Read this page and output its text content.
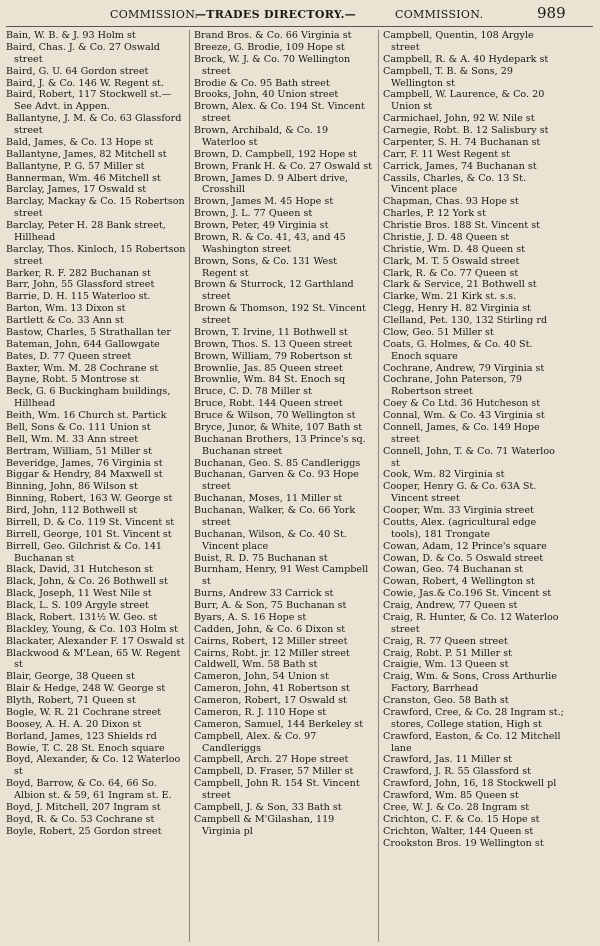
COMMISSION.
—TRADES DIRECTORY.—	COMMISSION.	989

Bain, W. B. & J. 93 Holm st

Baird, Chas. J. & Co. 27 Oswald street

Baird, G. U. 64 Gordon street

Baird, J. & Co. 146 W. Regent st.

Baird, Robert, 117 Stockwell st.— See Advt. in Appen.

Ballantyne, J. M. & Co. 63 Glassford street

Bald, James, & Co. 13 Hope st

Ballantyne, James, 82 Mitchell st

Ballantyne, P. G. 57 Miller st

Bannerman, Wm. 46 Mitchell st

Barclay, James, 17 Oswald st

Barclay, Mackay & Co. 15 Robertson street

Barclay, Peter H. 28 Bank street, Hillhead

Barclay, Thos. Kinloch, 15 Robertson street

Barker, R. F. 282 Buchanan st

Barr, John, 55 Glassford street

Barrie, D. H. 115 Waterloo st.

Barton, Wm. 13 Dixon st

Bartlett & Co. 33 Ann st

Bastow, Charles, 5 Strathallan ter

Bateman, John, 644 Gallowgate

Bates, D. 77 Queen street

Baxter, Wm. M. 28 Cochrane st

Bayne, Robt. 5 Montrose st

Beck, G. 6 Buckingham buildings, Hillhead

Beith, Wm. 16 Church st. Partick

Bell, Sons & Co. 111 Union st

Bell, Wm. M. 33 Ann street

Bertram, William, 51 Miller st

Beveridge, James, 76 Virginia st

Biggar & Hendry, 84 Maxwell st

Binning, John, 86 Wilson st

Binning, Robert, 163 W. George st

Bird, John, 112 Bothwell st

Birrell, D. & Co. 119 St. Vincent st

Birrell, George, 101 St. Vincent st

Birrell, Geo. Gilchrist & Co. 141 Buchanan st

Black, David, 31 Hutcheson st

Black, John, & Co. 26 Bothwell st

Black, Joseph, 11 West Nile st

Black, L. S. 109 Argyle street

Black, Robert. 131½ W. Geo. st

Blackley, Young, & Co. 103 Holm st

Blackater, Alexander F. 17 Oswald st

Blackwood & M'Lean, 65 W. Regent st

Blair, George, 38 Queen st

Blair & Hedge, 248 W. George st

Blyth, Robert, 71 Queen st

Bogle, W. R. 21 Cochrane street

Boosey, A. H. A. 20 Dixon st

Borland, James, 123 Shields rd

Bowie, T. C. 28 St. Enoch square

Boyd, Alexander, & Co. 12 Waterloo st

Boyd, Barrow, & Co. 64, 66 So. Albion st. & 59, 61 Ingram st. E.

Boyd, J. Mitchell, 207 Ingram st

Boyd, R. & Co. 53 Cochrane st

Boyle, Robert, 25 Gordon street

Brand Bros. & Co. 66 Virginia st

Breeze, G. Brodie, 109 Hope st

Brock, W. J. & Co. 70 Wellington street

Brodie & Co. 95 Bath street

Brooks, John, 40 Union street

Brown, Alex. & Co. 194 St. Vincent street

Brown, Archibald, & Co. 19 Waterloo st

Brown, D. Campbell, 192 Hope st

Brown, Frank H. & Co. 27 Oswald st

Brown, James D. 9 Albert drive, Crosshill

Brown, James M. 45 Hope st

Brown, J. L. 77 Queen st

Brown, Peter, 49 Virginia st

Brown, R. & Co. 41, 43, and 45 Washington street

Brown, Sons, & Co. 131 West Regent st

Brown & Sturrock, 12 Garthland street

Brown & Thomson, 192 St. Vincent street

Brown, T. Irvine, 11 Bothwell st

Brown, Thos. S. 13 Queen street

Brown, William, 79 Robertson st

Brownlie, Jas. 85 Queen street

Brownlie, Wm. 84 St. Enoch sq

Bruce, C. D. 78 Miller st

Bruce, Robt. 144 Queen street

Bruce & Wilson, 70 Wellington st

Bryce, Junor, & White, 107 Bath st

Buchanan Brothers, 13 Prince's sq. Buchanan street

Buchanan, Geo. S. 85 Candleriggs

Buchanan, Garven & Co. 93 Hope street

Buchanan, Moses, 11 Miller st

Buchanan, Walker, & Co. 66 York street

Buchanan, Wilson, & Co. 40 St. Vincent place

Buist, R. D. 75 Buchanan st

Burnham, Henry, 91 West Campbell st

Burns, Andrew 33 Carrick st

Burr, A. & Son, 75 Buchanan st

Byars, A. S. 16 Hope st

Cadden, John, & Co. 6 Dixon st

Cairns, Robert, 12 Miller street

Cairns, Robt. jr. 12 Miller street

Caldwell, Wm. 58 Bath st

Cameron, John, 54 Union st

Cameron, John, 41 Robertson st

Cameron, Robert, 17 Oswald st

Cameron, R. J. 110 Hope st

Cameron, Samuel, 144 Berkeley st

Campbell, Alex. & Co. 97 Candleriggs

Campbell, Arch. 27 Hope street

Campbell, D. Fraser, 57 Miller st

Campbell, John R. 154 St. Vincent street

Campbell, J. & Son, 33 Bath st

Campbell & M'Gilashan, 119 Virginia pl

Campbell, Quentin, 108 Argyle street

Campbell, R. & A. 40 Hydepark st

Campbell, T. B. & Sons, 29 Wellington st

Campbell, W. Laurence, & Co. 20 Union st

Carmichael, John, 92 W. Nile st

Carnegie, Robt. B. 12 Salisbury st

Carpenter, S. H. 74 Buchanan st

Carr, F. 11 West Regent st

Carrick, James, 74 Buchanan st

Cassils, Charles, & Co. 13 St. Vincent place

Chapman, Chas. 93 Hope st

Charles, P. 12 York st

Christie Bros. 188 St. Vincent st

Christie, J. D. 48 Queen st

Christie, Wm. D. 48 Queen st

Clark, M. T. 5 Oswald street

Clark, R. & Co. 77 Queen st

Clark & Service, 21 Bothwell st

Clarke, Wm. 21 Kirk st. s.s.

Clegg, Henry H. 82 Virginia st

Clelland, Pet. 130, 132 Stirling rd

Clow, Geo. 51 Miller st

Coats, G. Holmes, & Co. 40 St. Enoch square

Cochrane, Andrew, 79 Virginia st

Cochrane, John Paterson, 79 Robertson street

Coey & Co Ltd. 36 Hutcheson st

Connal, Wm. & Co. 43 Virginia st

Connell, James, & Co. 149 Hope street

Connell, John, T. & Co. 71 Waterloo st

Cook, Wm. 82 Virginia st

Cooper, Henry G. & Co. 63A St. Vincent street

Cooper, Wm. 33 Virginia street

Coutts, Alex. (agricultural edge tools), 181 Trongate

Cowan, Adam, 12 Prince's square

Cowan, D. & Co. 5 Oswald street

Cowan, Geo. 74 Buchanan st

Cowan, Robert, 4 Wellington st

Cowie, Jas.& Co.196 St. Vincent st

Craig, Andrew, 77 Queen st

Craig, R. Hunter, & Co. 12 Waterloo street

Craig, R. 77 Queen street

Craig, Robt. P. 51 Miller st

Craigie, Wm. 13 Queen st

Craig, Wm. & Sons, Cross Arthurlie Factory, Barrhead

Cranston, Geo. 58 Bath st

Crawford, Cree, & Co. 28 Ingram st.; stores, College station, High st

Crawford, Easton, & Co. 12 Mitchell lane

Crawford, Jas. 11 Miller st

Crawford, J. R. 55 Glassford st

Crawford, John, 16, 18 Stockwell pl

Crawford, Wm. 85 Queen st

Cree, W. J. & Co. 28 Ingram st

Crichton, C. F. & Co. 15 Hope st

Crichton, Walter, 144 Queen st

Crookston Bros. 19 Wellington st
